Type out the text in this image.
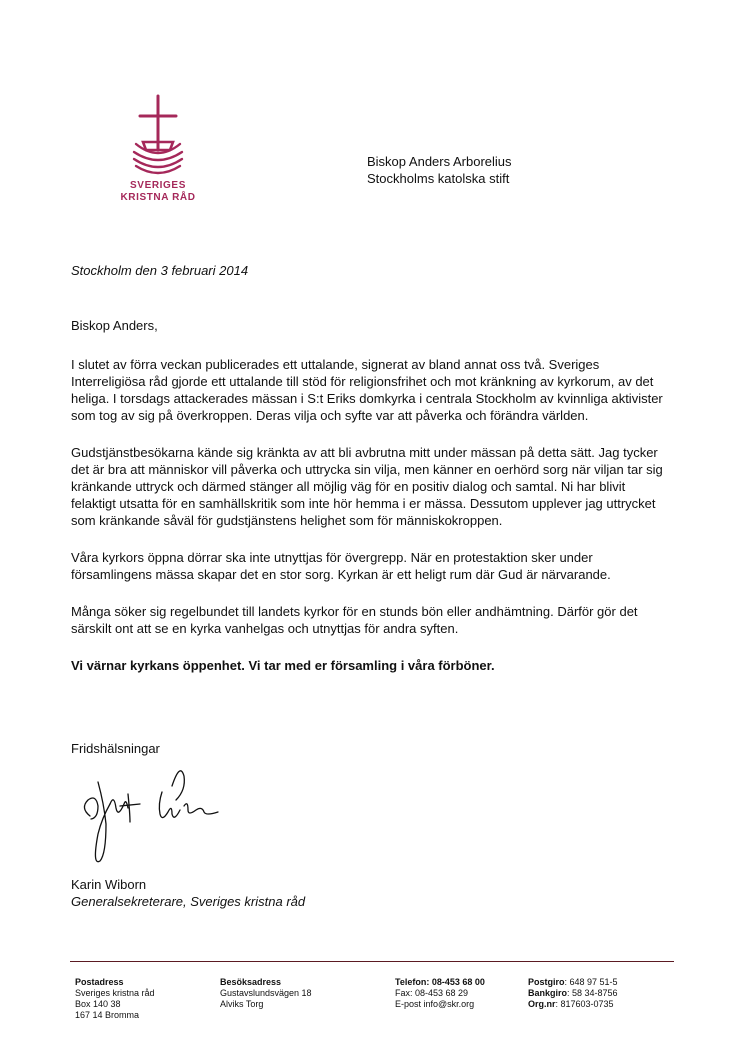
SVERIGES
KRISTNA RÅD
Biskop Anders Arborelius
Stockholms katolska stift
Stockholm den 3 februari 2014
Biskop Anders,

I slutet av förra veckan publicerades ett uttalande, signerat av bland annat oss två. Sveriges Interreligiösa råd gjorde ett uttalande till stöd för religionsfrihet och mot kränkning av kyrkorum, av det heliga. I torsdags attackerades mässan i S:t Eriks domkyrka i centrala Stockholm av kvinnliga aktivister som tog av sig på överkroppen. Deras vilja och syfte var att påverka och förändra världen.

Gudstjänstbesökarna kände sig kränkta av att bli avbrutna mitt under mässan på detta sätt. Jag tycker det är bra att människor vill påverka och uttrycka sin vilja, men känner en oerhörd sorg när viljan tar sig kränkande uttryck och därmed stänger all möjlig väg för en positiv dialog och samtal. Ni har blivit felaktigt utsatta för en samhällskritik som inte hör hemma i er mässa. Dessutom upplever jag uttrycket som kränkande såväl för gudstjänstens helighet som för människokroppen.

Våra kyrkors öppna dörrar ska inte utnyttjas för övergrepp. När en protestaktion sker under församlingens mässa skapar det en stor sorg. Kyrkan är ett heligt rum där Gud är närvarande.

Många söker sig regelbundet till landets kyrkor för en stunds bön eller andhämtning. Därför gör det särskilt ont att se en kyrka vanhelgas och utnyttjas för andra syften.

Vi värnar kyrkans öppenhet. Vi tar med er församling i våra förböner.

Fridshälsningar
Karin Wiborn
Generalsekreterare, Sveriges kristna råd
Postadress
Sveriges kristna råd
Box 140 38
167 14 Bromma
Besöksadress
Gustavslundsvägen 18
Alviks Torg
Telefon: 08-453 68 00
Fax: 08-453 68 29
E-post info@skr.org
Postgiro: 648 97 51-5
Bankgiro: 58 34-8756
Org.nr: 817603-0735
